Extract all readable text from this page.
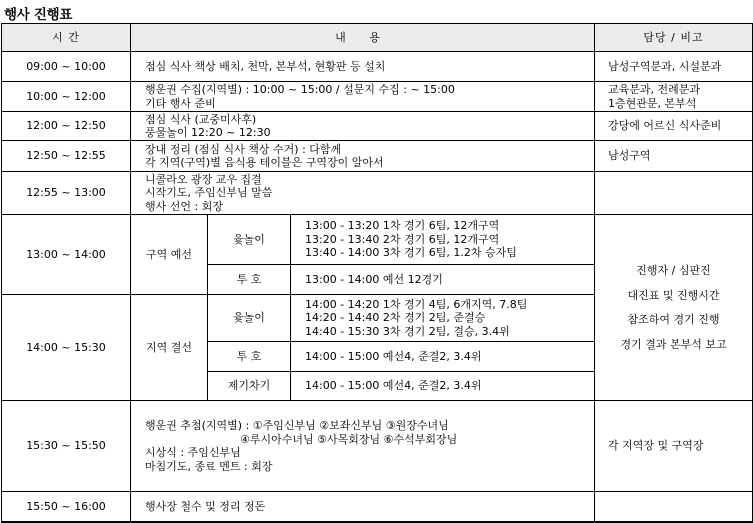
행사 진행표
시 간	내 용			담당 / 비고
09:00 ~ 10:00	점심 식사 책상 배치, 천막, 본부석, 현황판 등 설치			남성구역분과, 시설분과

10:00 ~ 12:00	행운권 수집(지역별) : 10:00 ~ 15:00 / 설문지 수집 : ~ 15:00
기타 행사 준비			교육분과, 전례분과
1층현관문, 본부석

12:00 ~ 12:50	점심 식사 (교중미사후)
풍물놀이 12:20 ~ 12:30			강당에 어르신 식사준비

12:50 ~ 12:55	장내 정리 (점심 식사 책상 수거) : 다함께
각 지역(구역)별 음식용 테이블은 구역장이 알아서			남성구역

12:55 ~ 13:00	니콜라오 광장 교우 집결
시작기도, 주임신부님 말씀
행사 선언 : 회장			

13:00 ~ 14:00	구역 예선	윷놀이	13:00 - 13:20 1차 경기 6팀, 12개구역
13:20 - 13:40 2차 경기 6팀, 12개구역
13:40 - 14:00 3차 경기 6팀, 1.2차 승자팀	진행자 / 심판진
대진표 및 진행시간
참조하여 경기 진행
경기 결과 본부석 보고

		투 호	13:00 - 14:00 예선 12경기	

14:00 ~ 15:30	지역 결선	윷놀이	14:00 - 14:20 1차 경기 4팀, 6개지역, 7.8팀
14:20 - 14:40 2차 경기 2팀, 준결승
14:40 - 15:30 3차 경기 2팀, 결승, 3.4위	

		투 호	14:00 - 15:00 예선4, 준결2, 3.4위	

		제기차기	14:00 - 15:00 예선4, 준결2, 3.4위	

15:30 ~ 15:50	행운권 추첨(지역별) : ①주임신부님 ②보좌신부님 ③원장수녀님
④루시아수녀님 ⑤사목회장님 ⑥수석부회장님
시상식 : 주임신부님
마침기도, 종료 멘트 : 회장			각 지역장 및 구역장
15:50 ~ 16:00	행사장 철수 및 정리 정돈			
